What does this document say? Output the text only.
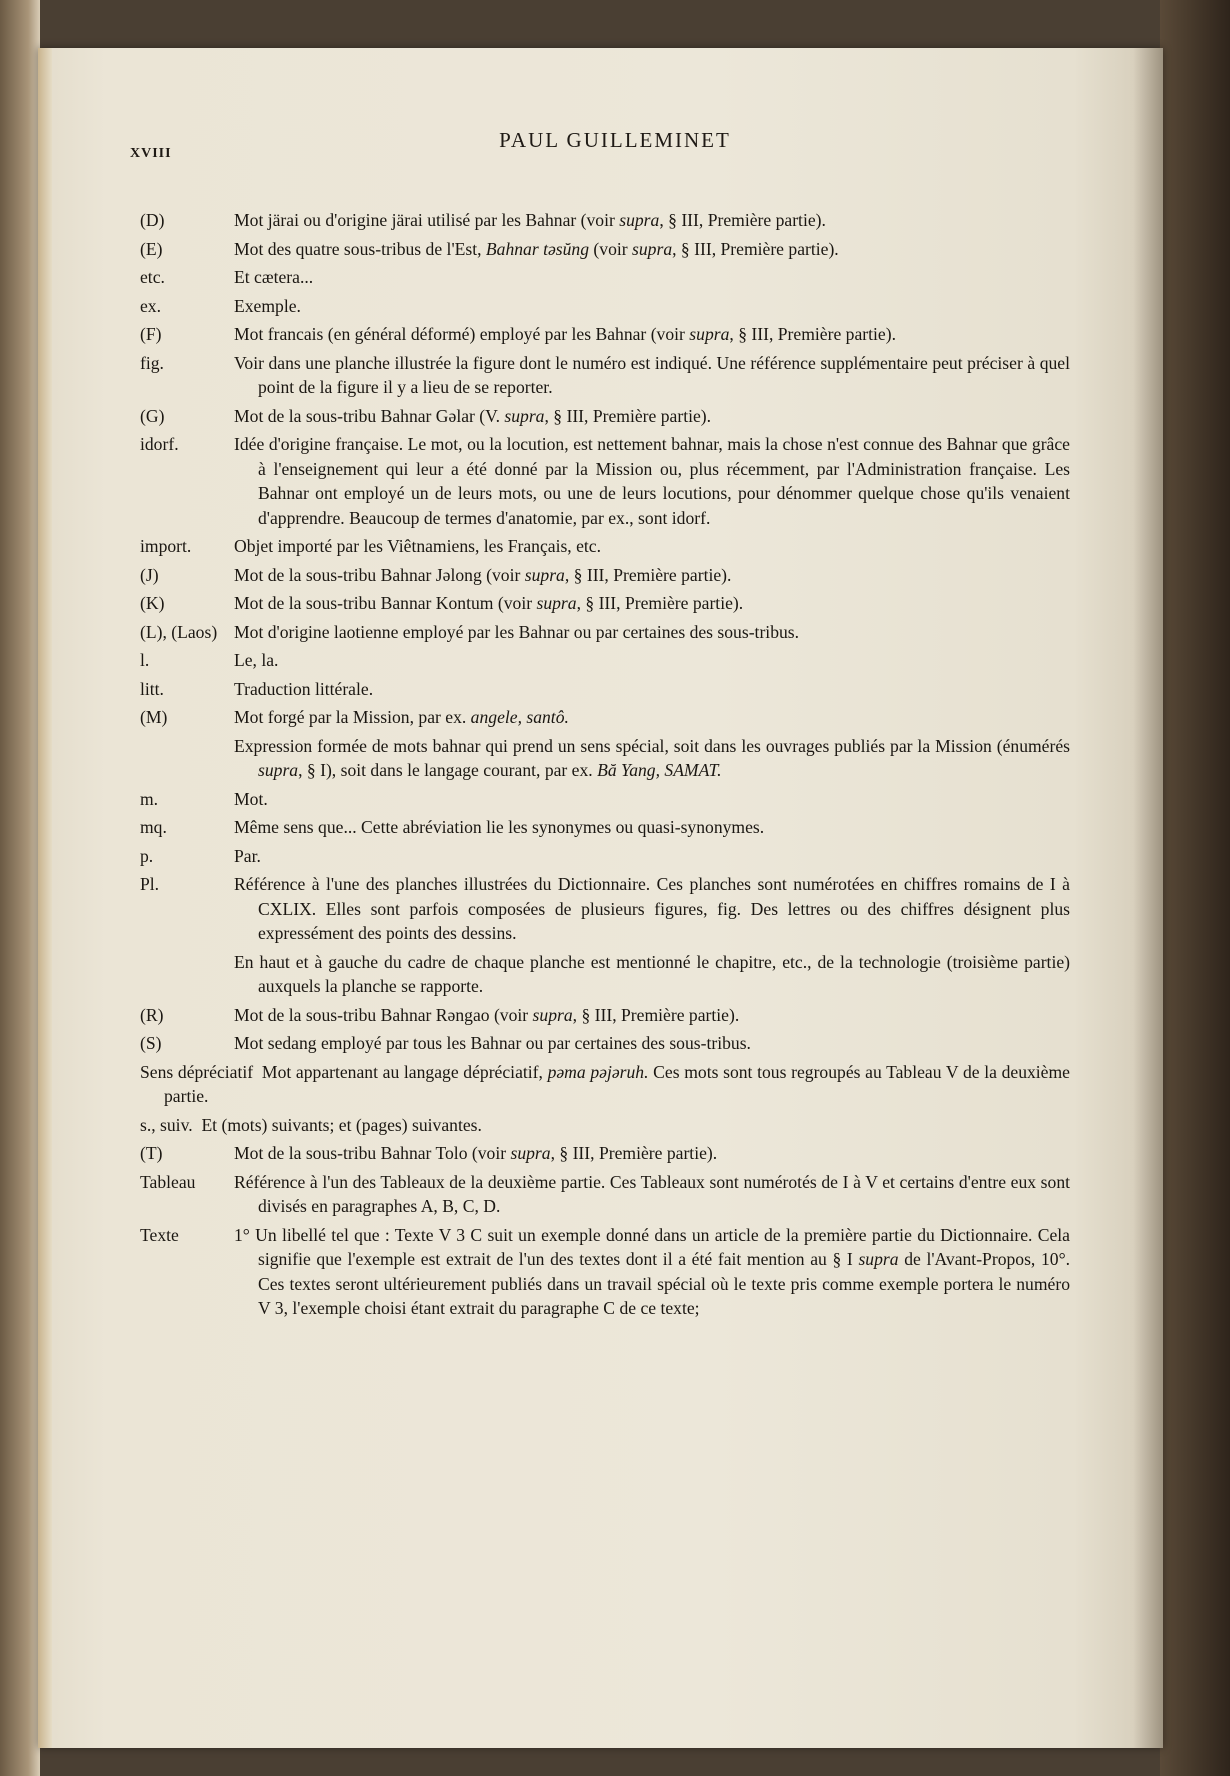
XVIII
PAUL GUILLEMINET
(D)	Mot järai ou d'origine järai utilisé par les Bahnar (voir supra, § III, Première partie).
(E)	Mot des quatre sous-tribus de l'Est, Bahnar təsŭng (voir supra, § III, Première partie).
etc.	Et cætera...
ex.	Exemple.
(F)	Mot francais (en général déformé) employé par les Bahnar (voir supra, § III, Première partie).
fig.	Voir dans une planche illustrée la figure dont le numéro est indiqué. Une référence supplémentaire peut préciser à quel point de la figure il y a lieu de se reporter.
(G)	Mot de la sous-tribu Bahnar Gəlar (V. supra, § III, Première partie).
idorf.	Idée d'origine française. Le mot, ou la locution, est nettement bahnar, mais la chose n'est connue des Bahnar que grâce à l'enseignement qui leur a été donné par la Mission ou, plus récemment, par l'Administration française. Les Bahnar ont employé un de leurs mots, ou une de leurs locutions, pour dénommer quelque chose qu'ils venaient d'apprendre. Beaucoup de termes d'anatomie, par ex., sont idorf.
import. Objet importé par les Viêtnamiens, les Français, etc.
(J)	Mot de la sous-tribu Bahnar Jəlong (voir supra, § III, Première partie).
(K)	Mot de la sous-tribu Bannar Kontum (voir supra, § III, Première partie).
(L), (Laos) Mot d'origine laotienne employé par les Bahnar ou par certaines des sous-tribus.
l.	Le, la.
litt.	Traduction littérale.
(M)	Mot forgé par la Mission, par ex. angele, santô.
Expression formée de mots bahnar qui prend un sens spécial, soit dans les ouvrages publiés par la Mission (énumérés supra, § I), soit dans le langage courant, par ex. Bă Yang, SAMAT.
m.	Mot.
mq.	Même sens que... Cette abréviation lie les synonymes ou quasi-synonymes.
p.	Par.
Pl.	Référence à l'une des planches illustrées du Dictionnaire. Ces planches sont numérotées en chiffres romains de I à CXLIX. Elles sont parfois composées de plusieurs figures, fig. Des lettres ou des chiffres désignent plus expressément des points des dessins.
En haut et à gauche du cadre de chaque planche est mentionné le chapitre, etc., de la technologie (troisième partie) auxquels la planche se rapporte.
(R)	Mot de la sous-tribu Bahnar Rəngao (voir supra, § III, Première partie).
(S)	Mot sedang employé par tous les Bahnar ou par certaines des sous-tribus.
Sens dépréciatif  Mot appartenant au langage dépréciatif, pəma pəjəruh. Ces mots sont tous regroupés au Tableau V de la deuxième partie.
s., suiv.  Et (mots) suivants; et (pages) suivantes.
(T)	Mot de la sous-tribu Bahnar Tolo (voir supra, § III, Première partie).
Tableau Référence à l'un des Tableaux de la deuxième partie. Ces Tableaux sont numérotés de I à V et certains d'entre eux sont divisés en paragraphes A, B, C, D.
Texte	1° Un libellé tel que : Texte V 3 C suit un exemple donné dans un article de la première partie du Dictionnaire. Cela signifie que l'exemple est extrait de l'un des textes dont il a été fait mention au § I supra de l'Avant-Propos, 10°. Ces textes seront ultérieurement publiés dans un travail spécial où le texte pris comme exemple portera le numéro V 3, l'exemple choisi étant extrait du paragraphe C de ce texte;
